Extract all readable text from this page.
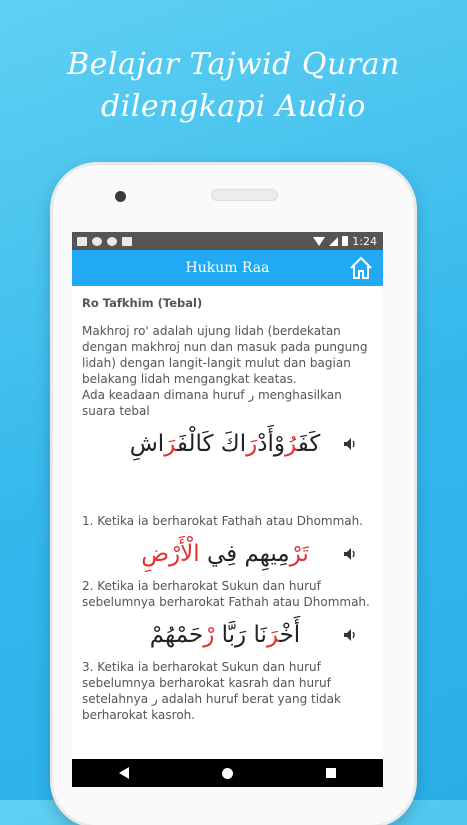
Belajar Tajwid Quran
dilengkapi Audio
1:24
Hukum Raa
Ro Tafkhim (Tebal)

Makhroj ro' adalah ujung lidah (berdekatan

dengan makhroj nun dan masuk pada pungung

lidah) dengan langit-langit mulut dan bagian

belakang lidah mengangkat keatas.

Ada keadaan dimana huruf ر menghasilkan

suara tebal

كَفَرُوْأَدْرَاكَ كَالْفَرَاشِ
1. Ketika ia berharokat Fathah atau Dhommah.
تَرْمِيهِم فِي الْأَرْضِ
2. Ketika ia berharokat Sukun dan huruf
sebelumnya berharokat Fathah atau Dhommah.
أَخْرَنَا رَبَّا رْحَمْهُمْ
3. Ketika ia berharokat Sukun dan huruf
sebelumnya berharokat kasrah dan huruf
setelahnya ر adalah huruf berat yang tidak
berharokat kasroh.
